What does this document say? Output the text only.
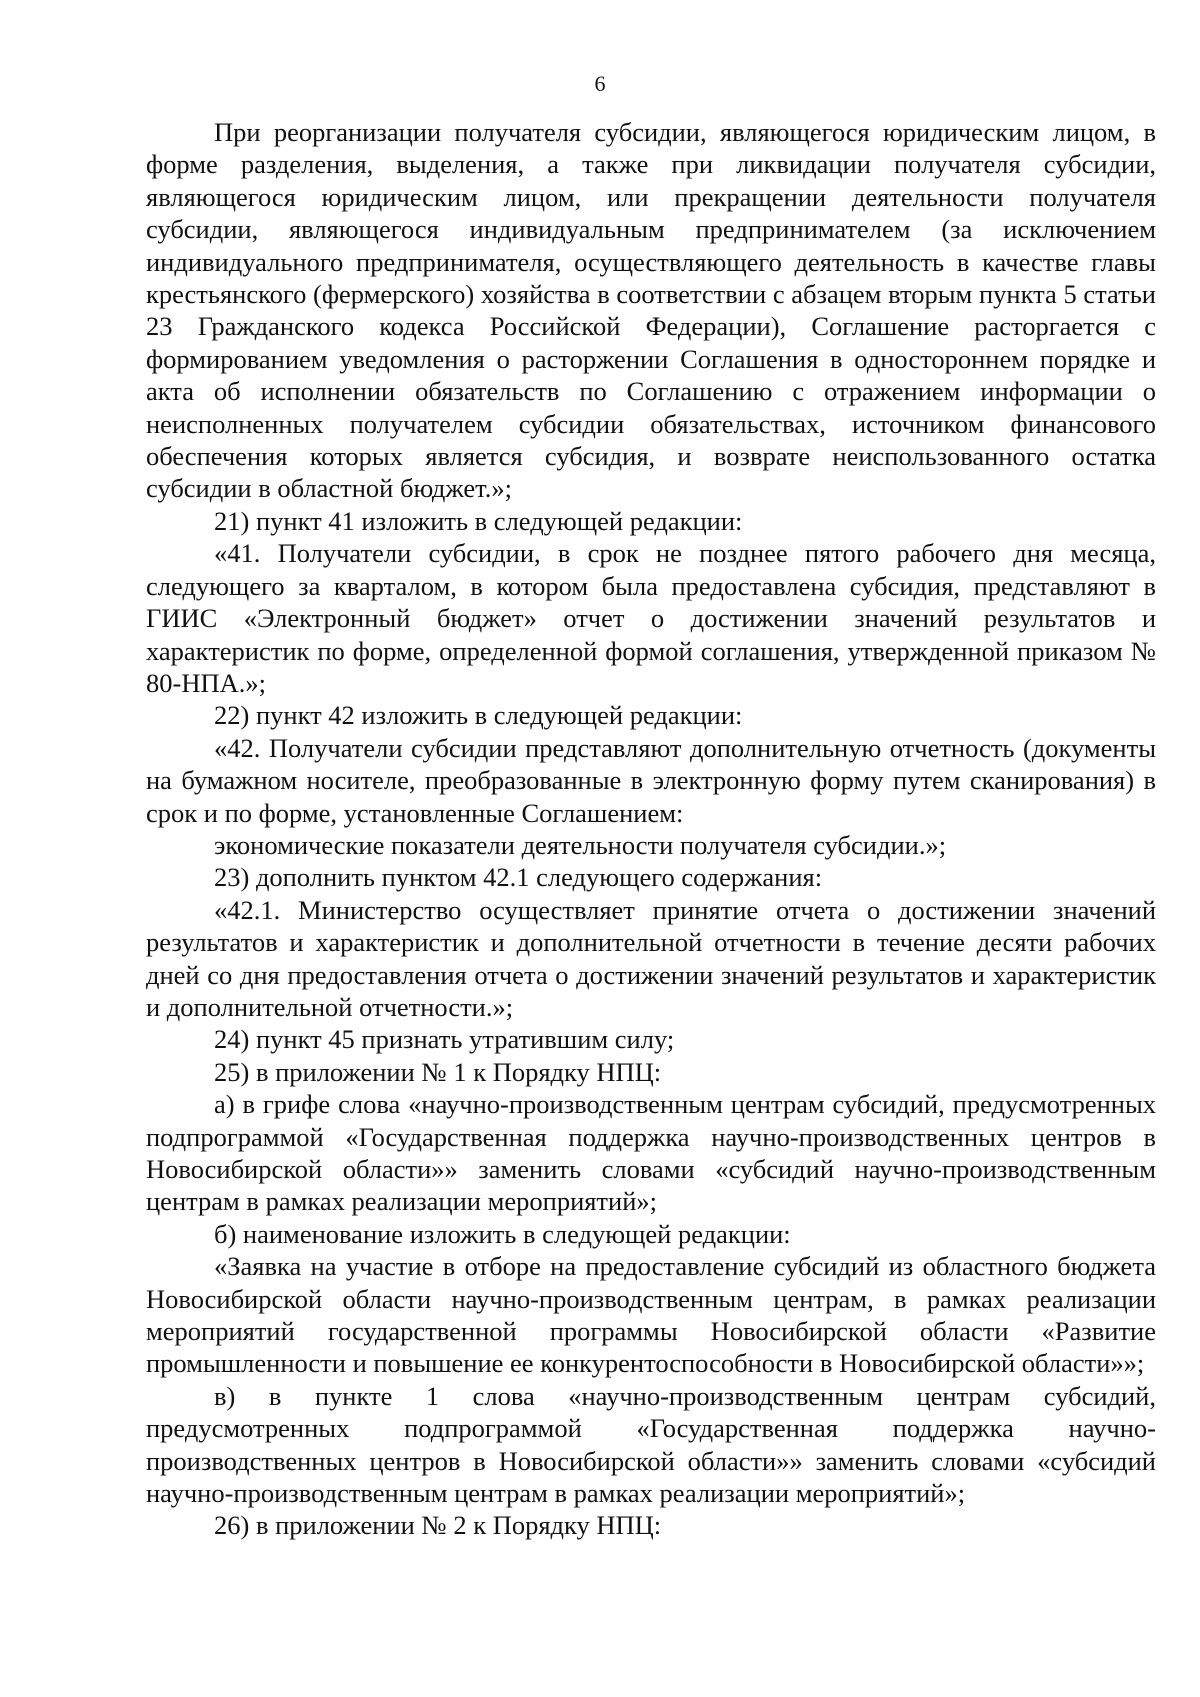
6

При реорганизации получателя субсидии, являющегося юридическим лицом, в форме разделения, выделения, а также при ликвидации получателя субсидии, являющегося юридическим лицом, или прекращении деятельности получателя субсидии, являющегося индивидуальным предпринимателем (за исключением индивидуального предпринимателя, осуществляющего деятельность в качестве главы крестьянского (фермерского) хозяйства в соответствии с абзацем вторым пункта 5 статьи 23 Гражданского кодекса Российской Федерации), Соглашение расторгается с формированием уведомления о расторжении Соглашения в одностороннем порядке и акта об исполнении обязательств по Соглашению с отражением информации о неисполненных получателем субсидии обязательствах, источником финансового обеспечения которых является субсидия, и возврате неиспользованного остатка субсидии в областной бюджет.»;

21) пункт 41 изложить в следующей редакции:

«41. Получатели субсидии, в срок не позднее пятого рабочего дня месяца, следующего за кварталом, в котором была предоставлена субсидия, представляют в ГИИС «Электронный бюджет» отчет о достижении значений результатов и характеристик по форме, определенной формой соглашения, утвержденной приказом № 80-НПА.»;

22) пункт 42 изложить в следующей редакции:

«42. Получатели субсидии представляют дополнительную отчетность (документы на бумажном носителе, преобразованные в электронную форму путем сканирования) в срок и по форме, установленные Соглашением:

экономические показатели деятельности получателя субсидии.»;

23) дополнить пунктом 42.1 следующего содержания:

«42.1. Министерство осуществляет принятие отчета о достижении значений результатов и характеристик и дополнительной отчетности в течение десяти рабочих дней со дня предоставления отчета о достижении значений результатов и характеристик и дополнительной отчетности.»;

24) пункт 45 признать утратившим силу;

25) в приложении № 1 к Порядку НПЦ:

а) в грифе слова «научно-производственным центрам субсидий, предусмотренных подпрограммой «Государственная поддержка научно-производственных центров в Новосибирской области»» заменить словами «субсидий научно-производственным центрам в рамках реализации мероприятий»;

б) наименование изложить в следующей редакции:

«Заявка на участие в отборе на предоставление субсидий из областного бюджета Новосибирской области научно-производственным центрам, в рамках реализации мероприятий государственной программы Новосибирской области «Развитие промышленности и повышение ее конкурентоспособности в Новосибирской области»»;

в) в пункте 1 слова «научно-производственным центрам субсидий, предусмотренных подпрограммой «Государственная поддержка научно-производственных центров в Новосибирской области»» заменить словами «субсидий научно-производственным центрам в рамках реализации мероприятий»;

26) в приложении № 2 к Порядку НПЦ:
